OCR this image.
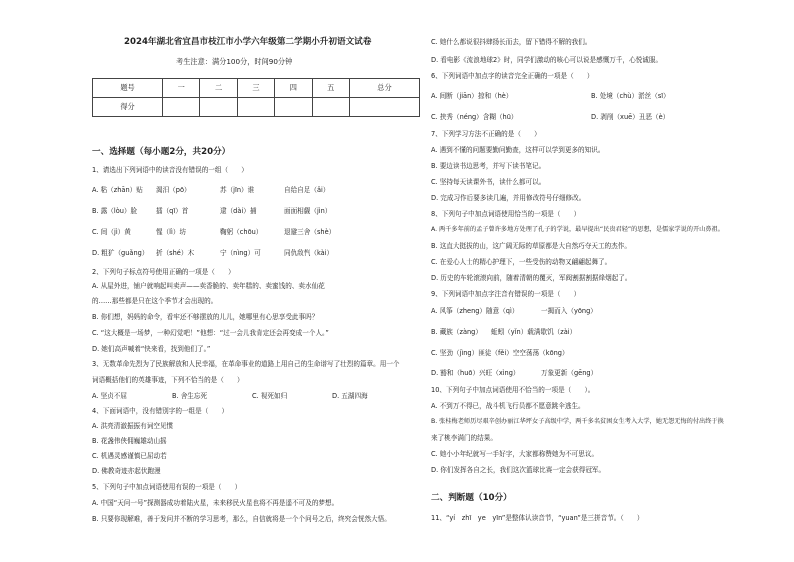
2024年湖北省宜昌市枝江市小学六年级第二学期小升初语文试卷
考生注意：满分100分，时间90分钟
题号	一	二	三	四	五	总分
得分						
一、选择题（每小题2分，共20分）
1、请选出下列词语中的读音没有错误的一组（　　）
A. 粘（zhān）贴 渴汨（pō）	苏（jīn）谁	自给自足（ǎi）
B. 露（lòu）脸	擂（qī）首	逮（dài）捕	面面相觑（jìn）
C. 间（jì）黄	惺（lì）坊	鞠躬（chōu）	退避三舍（shè）
D. 粗犷（guǎng） 折（shé）木	宁（nìng）可	同仇敌忾（kài）
2、下列句子标点符号使用正确的一项是（　　）
A. 从屋外进，铺户就响起叫卖声——卖香脆的、卖年糕的、卖蜜饯的、卖水仙花
的……那些都是只在这个季节才会出现的。
B. 你们想，妈妈的命令，看牢还不够摆放的儿儿，她哪里有心思享受此事吗？
C. “这大概是一场梦，一种幻觉吧！”他想：“过一会儿我肯定还会再变成一个人。”
D. 她们高声喊着“快来看，找到他们了。”
3、无数革命先烈为了民族解放和人民幸福，在革命事业的道路上用自己的生命谱写了壮烈的篇章。用一个
词语概括他们的英雄事迹，下列不恰当的是（　　）
A. 坚贞不屈	B. 舍生忘死	C. 视死如归	D. 五湖四海
4、下面词语中，没有错别字的一组是（　　）
A. 洪亮清澈振振有词空见惯
B. 花盏伟侠佣巍雄动山摇
C. 机遇灵感谨慎已屈动若
D. 佛教奇迹亦起伏跑漫
5、下列句子中加点词语使用有误的一项是（　　）
A. 中国“天问一号”探测器成功着陆火星，未来移民火星也将不再是遥不可及的梦想。
B. 只要你现解难，善于发问并不断的学习思考，那么，自信就将是一个个问号之后，终究会恍然大悟。
C. 她什么都说很抖肆扬长而去，留下错得不解的我们。
D. 看电影《流浪地球2》时，同学们激动的咳心可以说是感慨万千，心悦诚服。
6、下列词语中加点字的读音完全正确的一项是（　　）
A. 间断（jiān）掠和（hè）	B. 处境（chù）淤丝（sī）
C. 挟秀（néng）含糊（hū）	D. 剥削（xuē）丑恶（è）
7、下列学习方法不正确的是（　　）
A. 遇到不懂的问题要勤问勤查，这样可以学到更多的知识。
B. 要边读书边思考，并写下读书笔记。
C. 坚持每天读课外书，读什么都可以。
D. 完成习作后要多读几遍，并用修改符号仔细修改。
8、下列句子中加点词语使用恰当的一项是（　　）
A. 两千多年前的孟子曾许多地方处理了孔子的学说，最早提出“民贵君轻”的思想，是儒家学说的开山鼻祖。
B. 这直大挺拔的山，这广阔无际的草原都是大自然巧夺天工的杰作。
C. 在爱心人士的精心护理下，一些受伤的动物又翩翩起舞了。
D. 历史的车轮滚滚向前，随着清朝的覆灭，军阀割据割据烽烟起了。
9、下列词语中加点字注音有错误的一项是（　　）
A. 风筝（zheng）随意（qì）	一揭而入（yōng）
B. 藏族（zàng） 蚯蚓（yǐn）载满歇饥（zài）
C. 坚劲（jìng）匪徒（fěi）空空荡荡（kōng）
D. 豁和（huō）兴旺（xìng）	万象更新（gēng）
10、下列句子中加点词语使用不恰当的一项是（　　）。
A. 不到万不得已，战斗机飞行员都不愿意跳伞逃生。
B. 张桂梅老师历尽艰辛创办丽江华坪女子高级中学，两千多名贫困女生考入大学，她无怨无悔的付出终于换
来了桃李满门的结果。
C. 她小小年纪就写一手好字，大家都称赞她为不可思议。
D. 你们发挥各自之长，我们这次篮球比赛一定会获得冠军。
二、判断题（10分）
11、“yí　zhī　ye　yīn”是整体认读音节，“yuan”是三拼音节。（　　）
